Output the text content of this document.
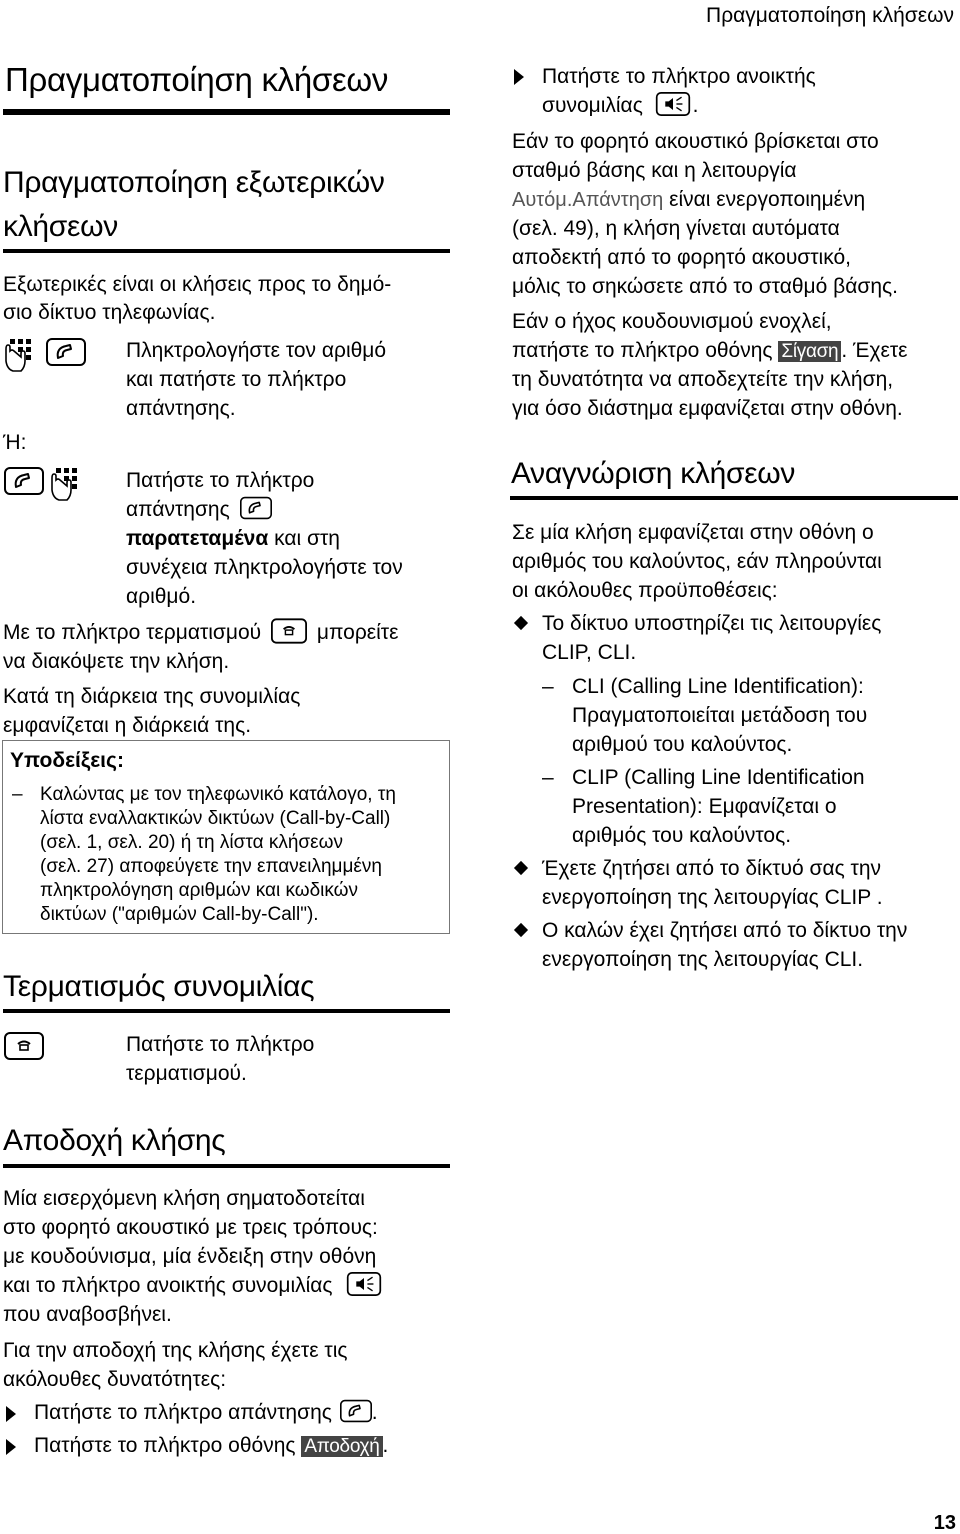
Πραγματοποίηση κλήσεων
Πραγματοποίηση κλήσεων
Πραγματοποίηση εξωτερικών
κλήσεων
Εξωτερικές είναι οι κλήσεις προς το δημό-
σιο δίκτυο τηλεφωνίας.
Πληκτρολογήστε τον αριθμό
και πατήστε το πλήκτρο
απάντησης.
Ή:
Πατήστε το πλήκτρο
απάντησης
παρατεταμένα και στη
συνέχεια πληκτρολογήστε τον
αριθμό.
Με το πλήκτρο τερματισμού	μπορείτε
να διακόψετε την κλήση.
Κατά τη διάρκεια της συνομιλίας
εμφανίζεται η διάρκειά της.
Υποδείξεις:
– Καλώντας με τον τηλεφωνικό κατάλογο, τη
λίστα εναλλακτικών δικτύων (Call-by-Call)
(σελ. 1, σελ. 20) ή τη λίστα κλήσεων
(σελ. 27) αποφεύγετε την επανειλημμένη
πληκτρολόγηση αριθμών και κωδικών
δικτύων ("αριθμών Call-by-Call").
Τερματισμός συνομιλίας
Πατήστε το πλήκτρο
τερματισμού.
Αποδοχή κλήσης
Μία εισερχόμενη κλήση σηματοδοτείται
στο φορητό ακουστικό με τρεις τρόπους:
με κουδούνισμα, μία ένδειξη στην οθόνη
και το πλήκτρο ανοικτής συνομιλίας
που αναβοσβήνει.
Για την αποδοχή της κλήσης έχετε τις
ακόλουθες δυνατότητες:
Πατήστε το πλήκτρο απάντησης .
Πατήστε το πλήκτρο οθόνης Αποδοχή .
Πατήστε το πλήκτρο ανοικτής
συνομιλίας .
Εάν το φορητό ακουστικό βρίσκεται στο
σταθμό βάσης και η λειτουργία
Αυτόμ.Απάντηση είναι ενεργοποιημένη
(σελ. 49), η κλήση γίνεται αυτόματα
αποδεκτή από το φορητό ακουστικό,
μόλις το σηκώσετε από το σταθμό βάσης.
Εάν ο ήχος κουδουνισμού ενοχλεί,
πατήστε το πλήκτρο οθόνης Σίγαση . Έχετε
τη δυνατότητα να αποδεχτείτε την κλήση,
για όσο διάστημα εμφανίζεται στην οθόνη.
Αναγνώριση κλήσεων
Σε μία κλήση εμφανίζεται στην οθόνη ο
αριθμός του καλούντος, εάν πληρούνται
οι ακόλουθες προϋποθέσεις:
Το δίκτυο υποστηρίζει τις λειτουργίες
CLIP, CLI.
– CLI (Calling Line Identification):
Πραγματοποιείται μετάδοση του
αριθμού του καλούντος.
– CLIP (Calling Line Identification
Presentation): Εμφανίζεται ο
αριθμός του καλούντος.
Έχετε ζητήσει από το δίκτυό σας την
ενεργοποίηση της λειτουργίας CLIP .
Ο καλών έχει ζητήσει από το δίκτυο την
ενεργοποίηση της λειτουργίας CLI.
13
